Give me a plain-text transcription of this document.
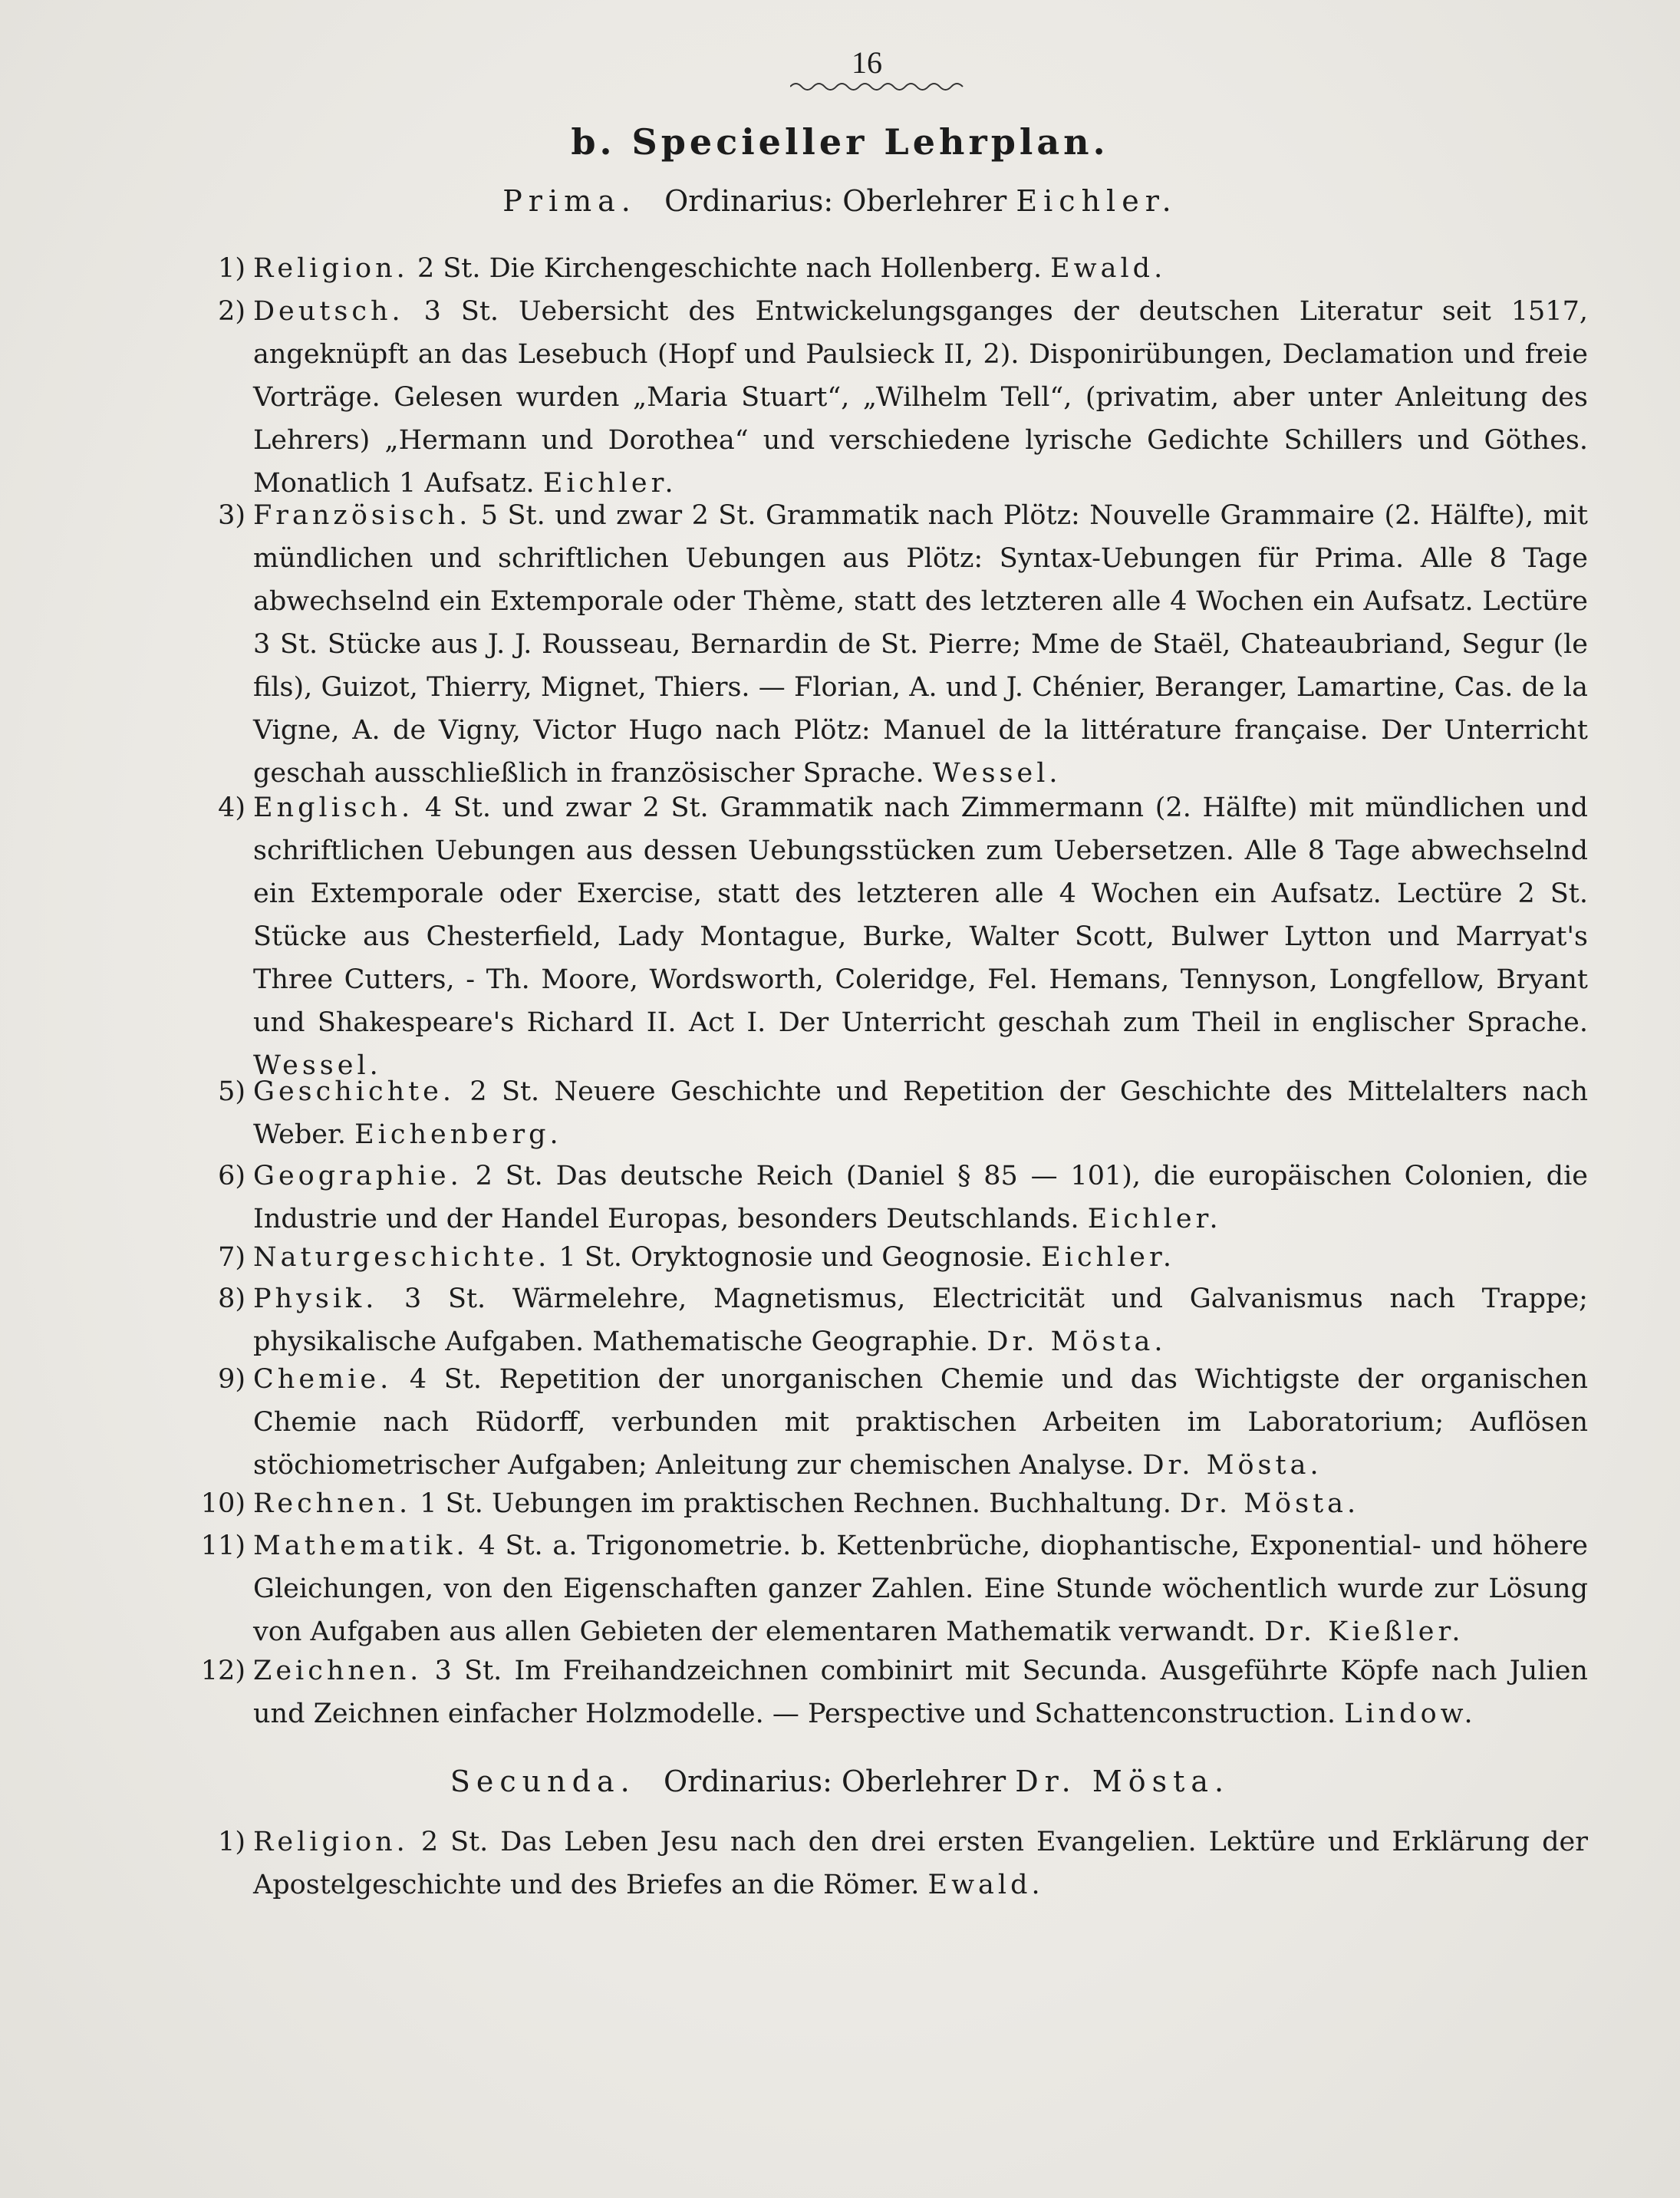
16
b. Specieller Lehrplan.
Prima. Ordinarius: Oberlehrer Eichler.
1) Religion. 2 St. Die Kirchengeschichte nach Hollenberg. Ewald.

2) Deutsch. 3 St. Uebersicht des Entwickelungsganges der deutschen Literatur seit 1517, angeknüpft an das Lesebuch (Hopf und Paulsieck II, 2). Disponirübungen, Declamation und freie Vorträge. Gelesen wurden „Maria Stuart“, „Wilhelm Tell“, (privatim, aber unter Anleitung des Lehrers) „Hermann und Dorothea“ und verschiedene lyrische Gedichte Schillers und Göthes. Monatlich 1 Aufsatz. Eichler.

3) Französisch. 5 St. und zwar 2 St. Grammatik nach Plötz: Nouvelle Grammaire (2. Hälfte), mit mündlichen und schriftlichen Uebungen aus Plötz: Syntax-Uebungen für Prima. Alle 8 Tage abwechselnd ein Extemporale oder Thème, statt des letzteren alle 4 Wochen ein Aufsatz. Lectüre 3 St. Stücke aus J. J. Rousseau, Bernardin de St. Pierre; Mme de Staël, Chateaubriand, Segur (le fils), Guizot, Thierry, Mignet, Thiers. — Florian, A. und J. Chénier, Beranger, Lamartine, Cas. de la Vigne, A. de Vigny, Victor Hugo nach Plötz: Manuel de la littérature française. Der Unterricht geschah ausschließlich in französischer Sprache. Wessel.

4) Englisch. 4 St. und zwar 2 St. Grammatik nach Zimmermann (2. Hälfte) mit mündlichen und schriftlichen Uebungen aus dessen Uebungsstücken zum Uebersetzen. Alle 8 Tage abwechselnd ein Extemporale oder Exercise, statt des letzteren alle 4 Wochen ein Aufsatz. Lectüre 2 St. Stücke aus Chesterfield, Lady Montague, Burke, Walter Scott, Bulwer Lytton und Marryat's Three Cutters, - Th. Moore, Wordsworth, Coleridge, Fel. Hemans, Tennyson, Longfellow, Bryant und Shakespeare's Richard II. Act I. Der Unterricht geschah zum Theil in englischer Sprache. Wessel.

5) Geschichte. 2 St. Neuere Geschichte und Repetition der Geschichte des Mittelalters nach Weber. Eichenberg.

6) Geographie. 2 St. Das deutsche Reich (Daniel § 85 — 101), die europäischen Colonien, die Industrie und der Handel Europas, besonders Deutschlands. Eichler.

7) Naturgeschichte. 1 St. Oryktognosie und Geognosie. Eichler.

8) Physik. 3 St. Wärmelehre, Magnetismus, Electricität und Galvanismus nach Trappe; physikalische Aufgaben. Mathematische Geographie. Dr. Mösta.

9) Chemie. 4 St. Repetition der unorganischen Chemie und das Wichtigste der organischen Chemie nach Rüdorff, verbunden mit praktischen Arbeiten im Laboratorium; Auflösen stöchiometrischer Aufgaben; Anleitung zur chemischen Analyse. Dr. Mösta.

10) Rechnen. 1 St. Uebungen im praktischen Rechnen. Buchhaltung. Dr. Mösta.

11) Mathematik. 4 St. a. Trigonometrie. b. Kettenbrüche, diophantische, Exponential- und höhere Gleichungen, von den Eigenschaften ganzer Zahlen. Eine Stunde wöchentlich wurde zur Lösung von Aufgaben aus allen Gebieten der elementaren Mathematik verwandt. Dr. Kießler.

12) Zeichnen. 3 St. Im Freihandzeichnen combinirt mit Secunda. Ausgeführte Köpfe nach Julien und Zeichnen einfacher Holzmodelle. — Perspective und Schattenconstruction. Lindow.

Secunda. Ordinarius: Oberlehrer Dr. Mösta.
1) Religion. 2 St. Das Leben Jesu nach den drei ersten Evangelien. Lektüre und Erklärung der Apostelgeschichte und des Briefes an die Römer. Ewald.
